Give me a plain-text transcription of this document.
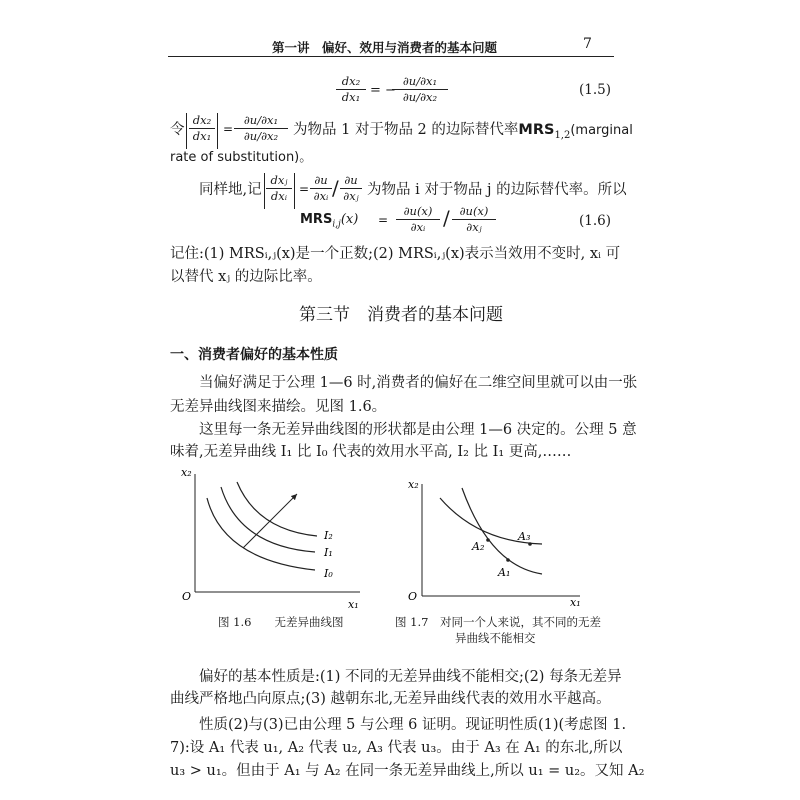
第一讲　偏好、效用与消费者的基本问题	7
$\frac{\text{dx₂}}{\text{dx₁}}$ = −
$\frac{\text{∂u/∂x₁}}{\text{∂u/∂x₂}}$	(1.5)
令 $\frac{\text{dx₂}}{\text{dx₁}} = \frac{\text{∂u/∂x₁}}{\text{∂u/∂x₂}}$ 为物品 1 对于物品 2 的边际替代率$MRS_{1,2}(marginal$
rate of substitution)。
同样地,记
dxⱼ
dxᵢ = $\frac{\partial u}{\text{∂xᵢ}} / \frac{\partial u}{\text{∂xⱼ}}$ 为物品 i 对于物品 j 的边际替代率。所以
$MRS_{i,j}(x) = \frac{\partial u(x)}{\text{∂xᵢ}} / \frac{\partial u(x)}{\text{∂xⱼ}}$	(1.6)
记住:(1) MRSᵢ,ⱼ(x)是一个正数;(2) MRSᵢ,ⱼ(x)表示当效用不变时, xᵢ 可
以替代 xⱼ 的边际比率。
第三节　消费者的基本问题
一、消费者偏好的基本性质
当偏好满足于公理 1—6 时,消费者的偏好在二维空间里就可以由一张
无差异曲线图来描绘。见图 1.6。
这里每一条无差异曲线图的形状都是由公理 1—6 决定的。公理 5 意
味着,无差异曲线 I₁ 比 I₀ 代表的效用水平高, I₂ 比 I₁ 更高,……
x₂
x₁
O
I₂
I₁
I₀
图 1.6　　无差异曲线图
x₂
x₁
O
A₂
A₃
A₁
图 1.7　对同一个人来说，其不同的无差
异曲线不能相交
偏好的基本性质是:(1) 不同的无差异曲线不能相交;(2) 每条无差异
曲线严格地凸向原点;(3) 越朝东北,无差异曲线代表的效用水平越高。
性质(2)与(3)已由公理 5 与公理 6 证明。现证明性质(1)(考虑图 1.
7):设 A₁ 代表 u₁, A₂ 代表 u₂, A₃ 代表 u₃。由于 A₃ 在 A₁ 的东北,所以
u₃ > u₁。但由于 A₁ 与 A₂ 在同一条无差异曲线上,所以 u₁ = u₂。又知 A₂
